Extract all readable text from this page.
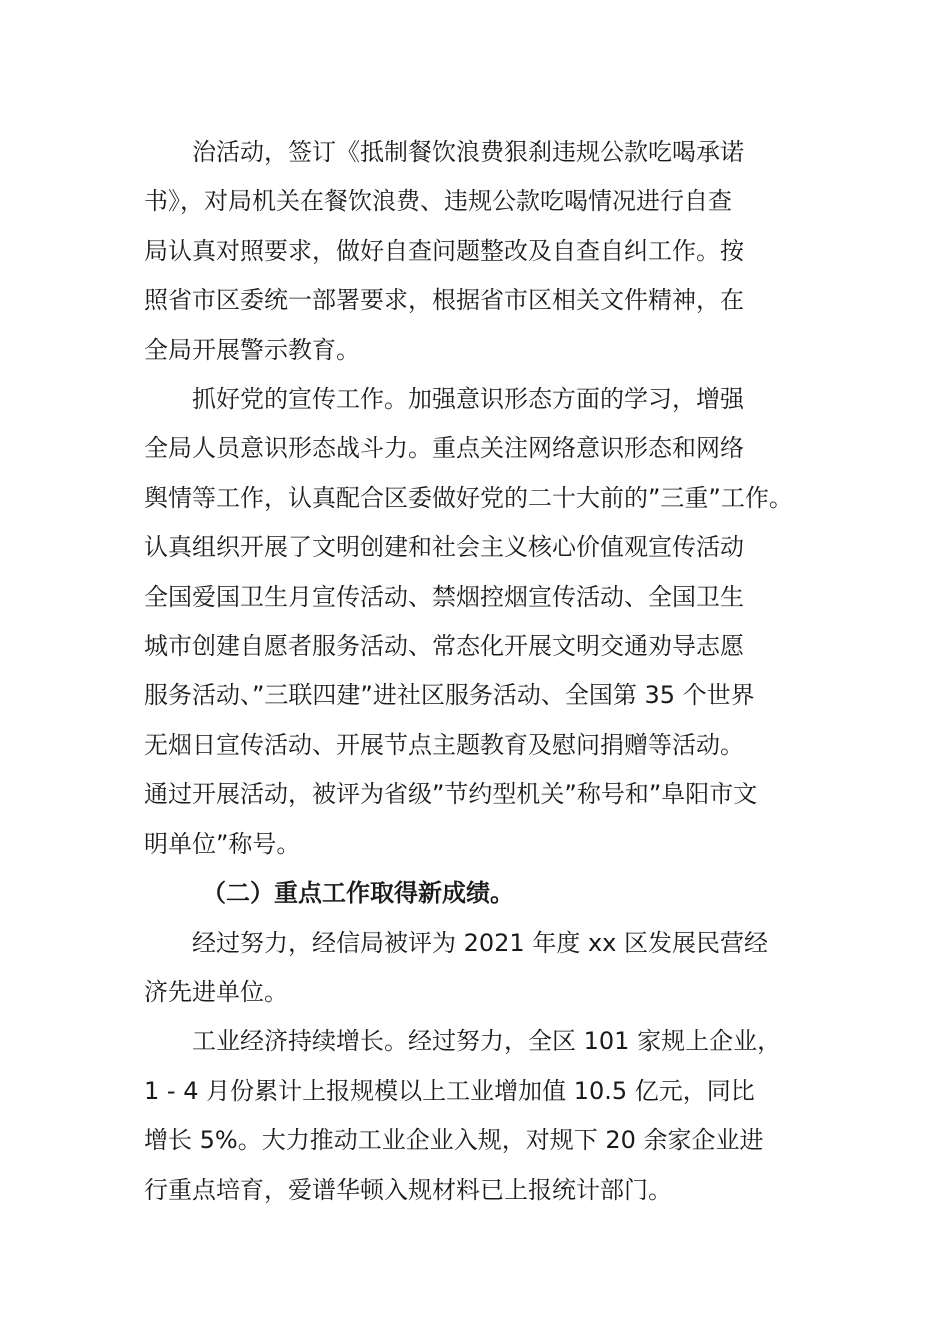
治活动，签订《抵制餐饮浪费狠刹违规公款吃喝承诺
书》，对局机关在餐饮浪费、违规公款吃喝情况进行自查
局认真对照要求，做好自查问题整改及自查自纠工作。按
照省市区委统一部署要求，根据省市区相关文件精神，在
全局开展警示教育。
抓好党的宣传工作。加强意识形态方面的学习，增强
全局人员意识形态战斗力。重点关注网络意识形态和网络
舆情等工作，认真配合区委做好党的二十大前的”三重”工作。
认真组织开展了文明创建和社会主义核心价值观宣传活动
全国爱国卫生月宣传活动、禁烟控烟宣传活动、全国卫生
城市创建自愿者服务活动、常态化开展文明交通劝导志愿
服务活动、”三联四建”进社区服务活动、全国第 35 个世界
无烟日宣传活动、开展节点主题教育及慰问捐赠等活动。
通过开展活动，被评为省级”节约型机关”称号和”阜阳市文
明单位”称号。
（二）重点工作取得新成绩。
经过努力，经信局被评为 2021 年度 xx 区发展民营经
济先进单位。
工业经济持续增长。经过努力，全区 101 家规上企业，
1 - 4 月份累计上报规模以上工业增加值 10.5 亿元，同比
增长 5%。大力推动工业企业入规，对规下 20 余家企业进
行重点培育，爱谱华顿入规材料已上报统计部门。
